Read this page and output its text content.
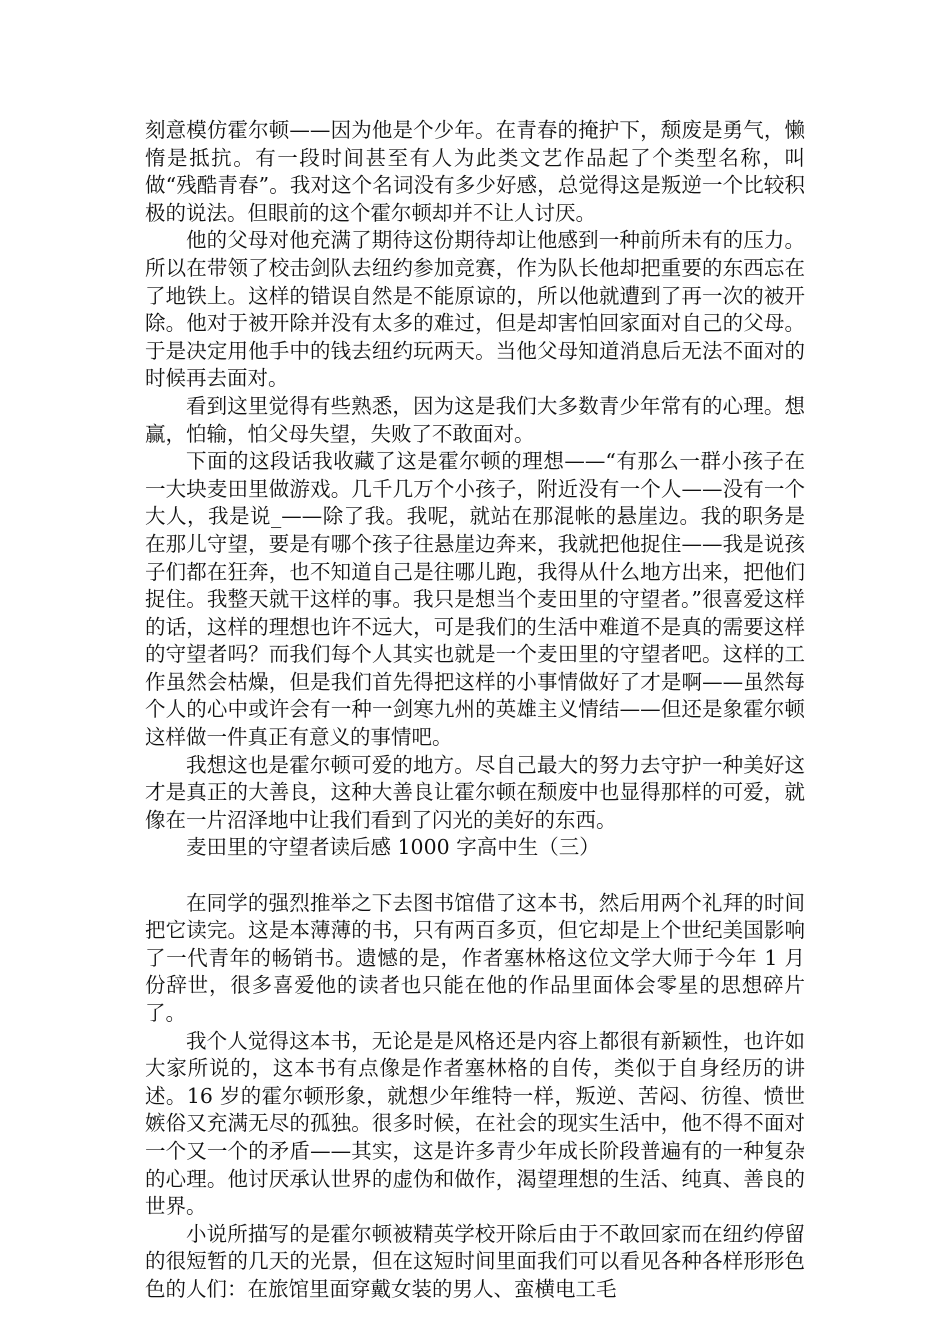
刻意模仿霍尔顿——因为他是个少年。在青春的掩护下，颓废是勇气，懒惰是抵抗。有一段时间甚至有人为此类文艺作品起了个类型名称，叫做“残酷青春”。我对这个名词没有多少好感，总觉得这是叛逆一个比较积极的说法。但眼前的这个霍尔顿却并不让人讨厌。

他的父母对他充满了期待这份期待却让他感到一种前所未有的压力。所以在带领了校击剑队去纽约参加竞赛，作为队长他却把重要的东西忘在了地铁上。这样的错误自然是不能原谅的，所以他就遭到了再一次的被开除。他对于被开除并没有太多的难过，但是却害怕回家面对自己的父母。于是决定用他手中的钱去纽约玩两天。当他父母知道消息后无法不面对的时候再去面对。

看到这里觉得有些熟悉，因为这是我们大多数青少年常有的心理。想赢，怕输，怕父母失望，失败了不敢面对。

下面的这段话我收藏了这是霍尔顿的理想——“有那么一群小孩子在一大块麦田里做游戏。几千几万个小孩子，附近没有一个人——没有一个大人，我是说_——除了我。我呢，就站在那混帐的悬崖边。我的职务是在那儿守望，要是有哪个孩子往悬崖边奔来，我就把他捉住——我是说孩子们都在狂奔，也不知道自己是往哪儿跑，我得从什么地方出来，把他们捉住。我整天就干这样的事。我只是想当个麦田里的守望者。”很喜爱这样的话，这样的理想也许不远大，可是我们的生活中难道不是真的需要这样的守望者吗？而我们每个人其实也就是一个麦田里的守望者吧。这样的工作虽然会枯燥，但是我们首先得把这样的小事情做好了才是啊——虽然每个人的心中或许会有一种一剑寒九州的英雄主义情结——但还是象霍尔顿这样做一件真正有意义的事情吧。

我想这也是霍尔顿可爱的地方。尽自己最大的努力去守护一种美好这才是真正的大善良，这种大善良让霍尔顿在颓废中也显得那样的可爱，就像在一片沼泽地中让我们看到了闪光的美好的东西。

麦田里的守望者读后感 1000 字高中生（三）

在同学的强烈推举之下去图书馆借了这本书，然后用两个礼拜的时间把它读完。这是本薄薄的书，只有两百多页，但它却是上个世纪美国影响了一代青年的畅销书。遗憾的是，作者塞林格这位文学大师于今年 1 月份辞世，很多喜爱他的读者也只能在他的作品里面体会零星的思想碎片了。

我个人觉得这本书，无论是是风格还是内容上都很有新颖性，也许如大家所说的，这本书有点像是作者塞林格的自传，类似于自身经历的讲述。16 岁的霍尔顿形象，就想少年维特一样，叛逆、苦闷、彷徨、愤世嫉俗又充满无尽的孤独。很多时候，在社会的现实生活中，他不得不面对一个又一个的矛盾——其实，这是许多青少年成长阶段普遍有的一种复杂的心理。他讨厌承认世界的虚伪和做作，渴望理想的生活、纯真、善良的世界。

小说所描写的是霍尔顿被精英学校开除后由于不敢回家而在纽约停留的很短暂的几天的光景，但在这短时间里面我们可以看见各种各样形形色色的人们：在旅馆里面穿戴女装的男人、蛮横电工毛
